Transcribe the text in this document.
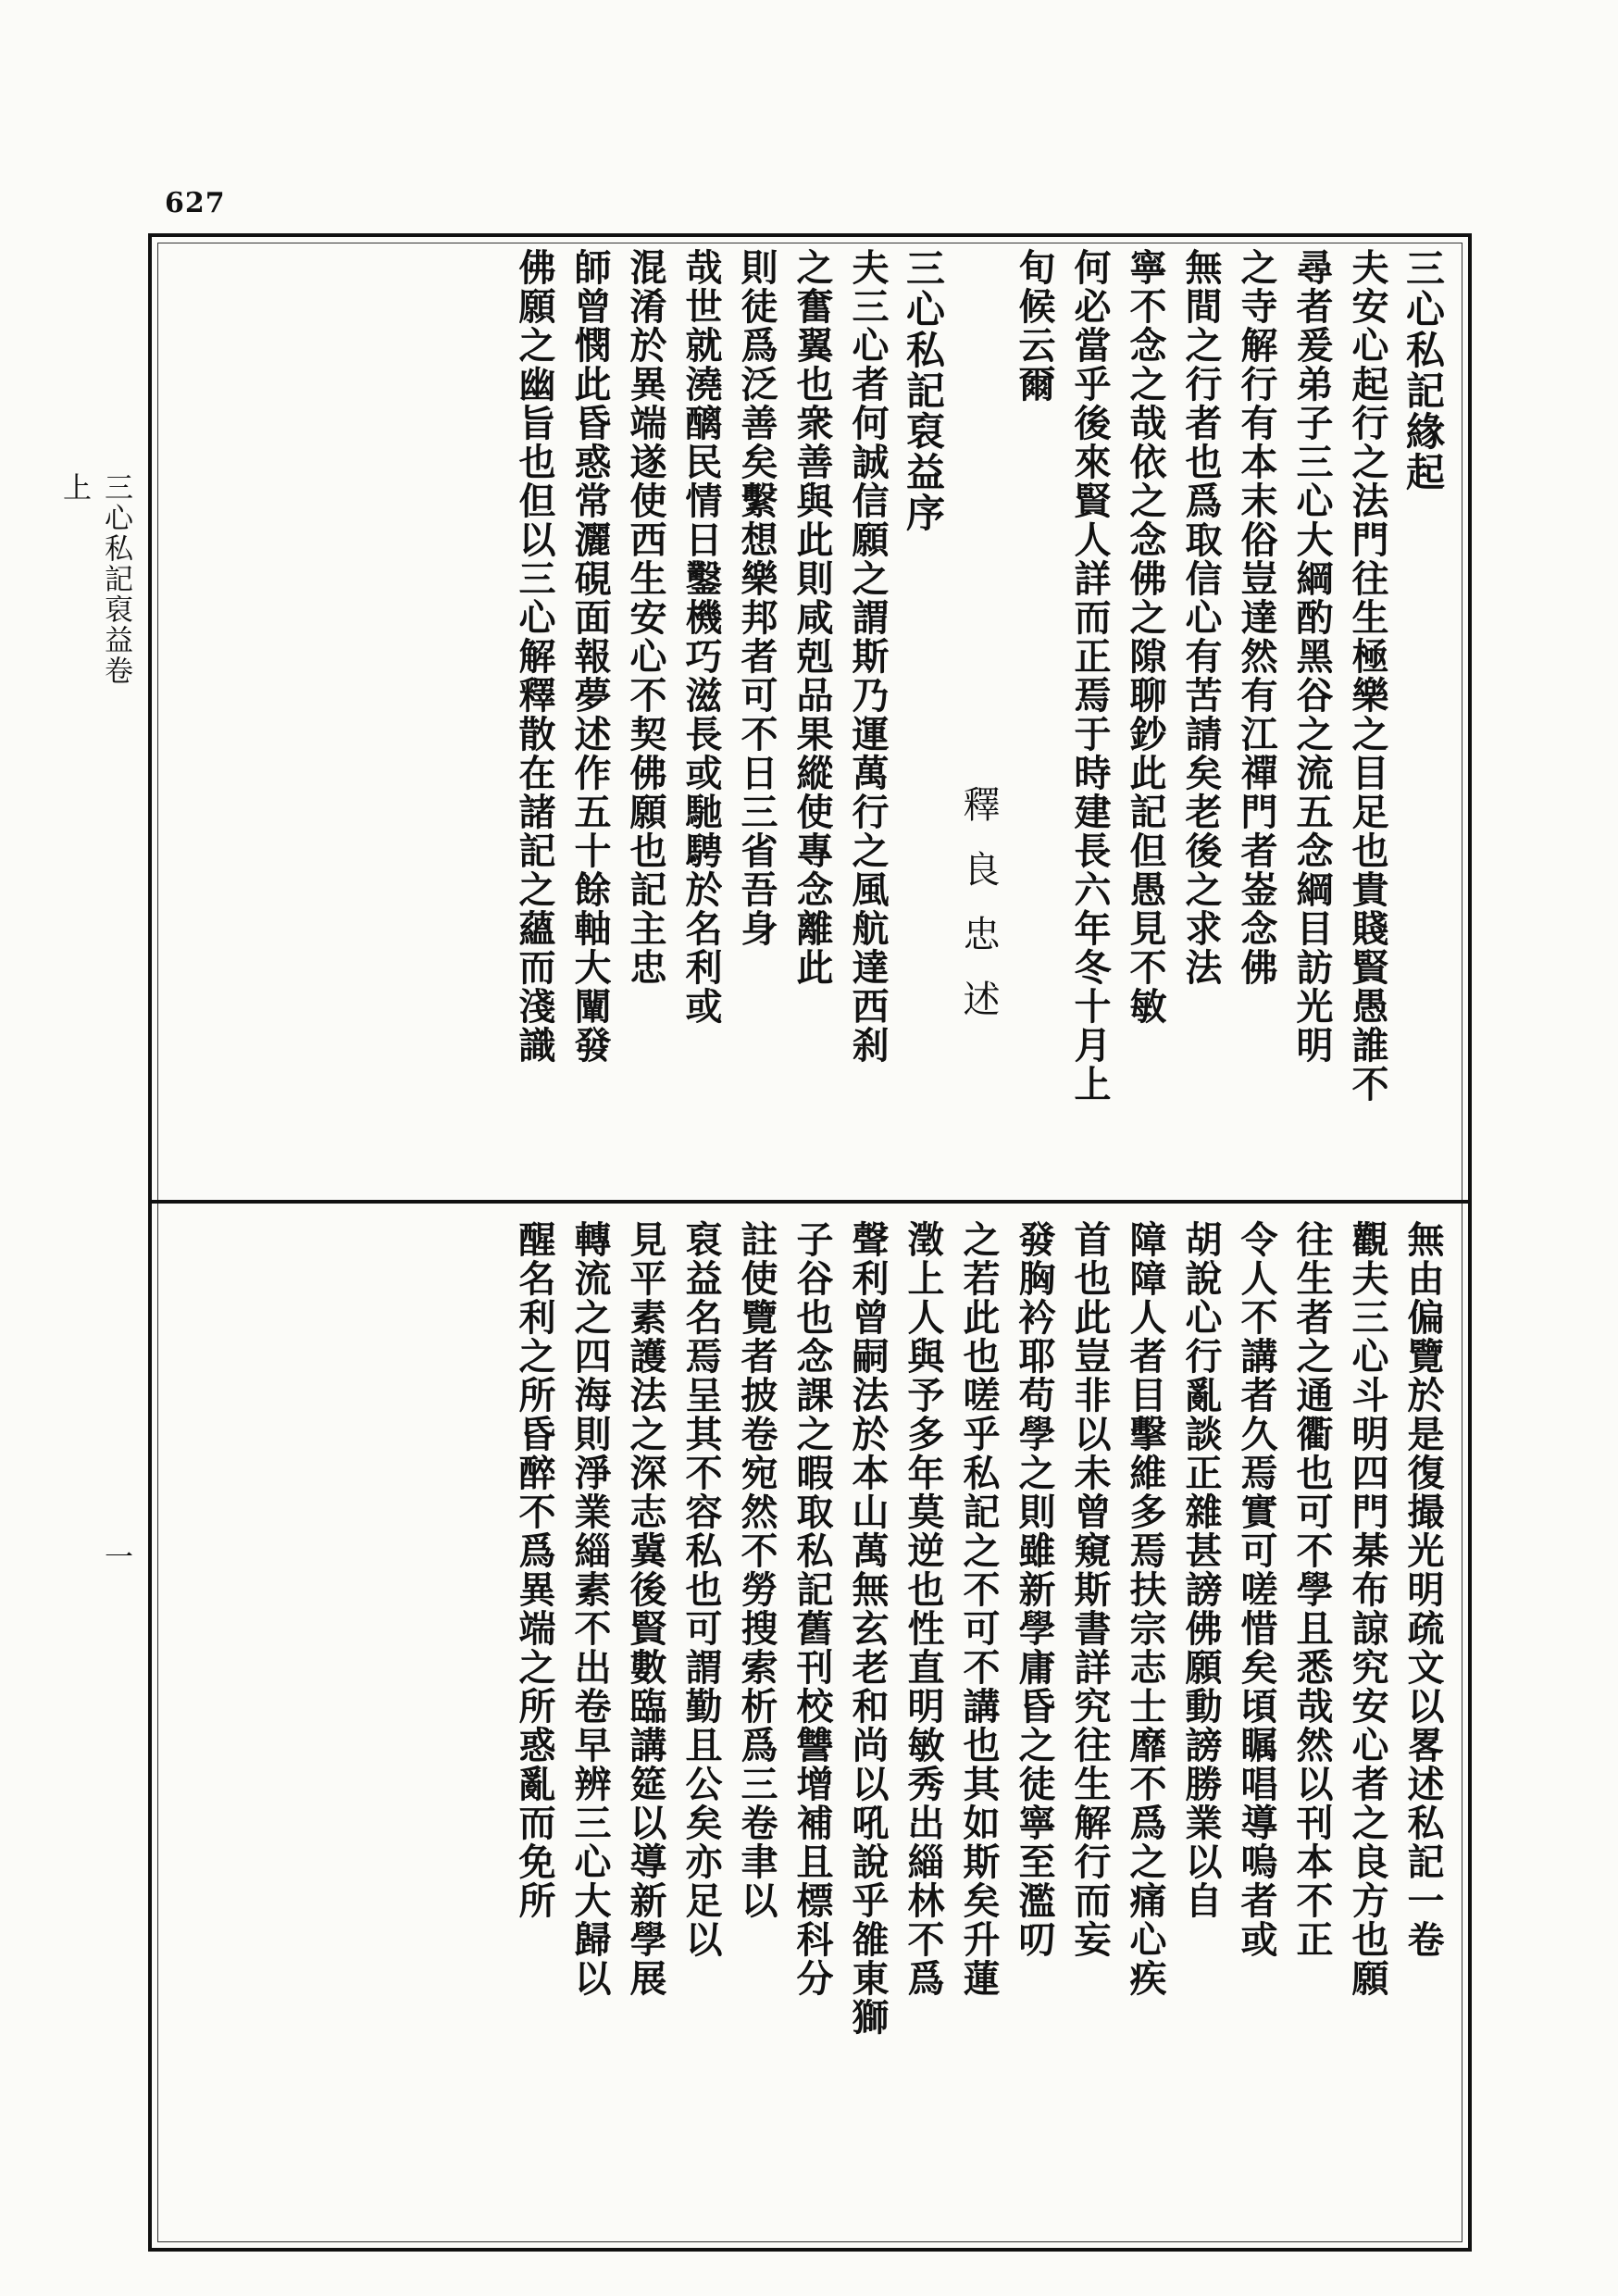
627
三心私記裒益卷上
一
三心私記緣起
夫安心起行之法門往生極樂之目足也貴賤賢愚誰不
尋者爰弟子三心大綱酌黑谷之流五念綱目訪光明
之寺解行有本末俗豈達然有江禪門者崟念佛
無間之行者也爲取信心有苦請矣老後之求法
寧不念之哉依之念佛之隙聊鈔此記但愚見不敏
何必當乎後來賢人詳而正焉于時建長六年冬十月上
旬候云爾
釋良忠述
三心私記裒益序
夫三心者何誠信願之謂斯乃運萬行之風航達西刹
之奮翼也衆善與此則咸剋品果縱使專念離此
則徒爲泛善矣繫想樂邦者可不日三省吾身
哉世就澆醨民情日鑿機巧滋長或馳騁於名利或
混淆於異端遂使西生安心不契佛願也記主忠
師曾憫此昏惑常灑硯面報夢述作五十餘軸大闡發
佛願之幽旨也但以三心解釋散在諸記之蘊而淺識
無由偏覽於是復撮光明疏文以畧述私記一卷
觀夫三心斗明四門棊布諒究安心者之良方也願
往生者之通衢也可不學且悉哉然以刊本不正
令人不講者久焉實可嗟惜矣頃瞩唱導嗚者或
胡說心行亂談正雜甚謗佛願動謗勝業以自
障障人者目擊維多焉扶宗志士靡不爲之痛心疾
首也此豈非以未曾窺斯書詳究往生解行而妄
發胸衿耶苟學之則雖新學庸昏之徒寧至濫叨
之若此也嗟乎私記之不可不講也其如斯矣升蓮
澂上人與予多年莫逆也性直明敏秀出緇林不爲
聲利曾嗣法於本山萬無玄老和尚以吼說乎雒東獅
子谷也念課之暇取私記舊刊校讐增補且標科分
註使覽者披卷宛然不勞搜索析爲三卷聿以
裒益名焉呈其不容私也可謂勤且公矣亦足以
見平素護法之深志冀後賢數臨講筵以導新學展
轉流之四海則淨業緇素不出卷早辨三心大歸以
醒名利之所昏醉不爲異端之所惑亂而免所
